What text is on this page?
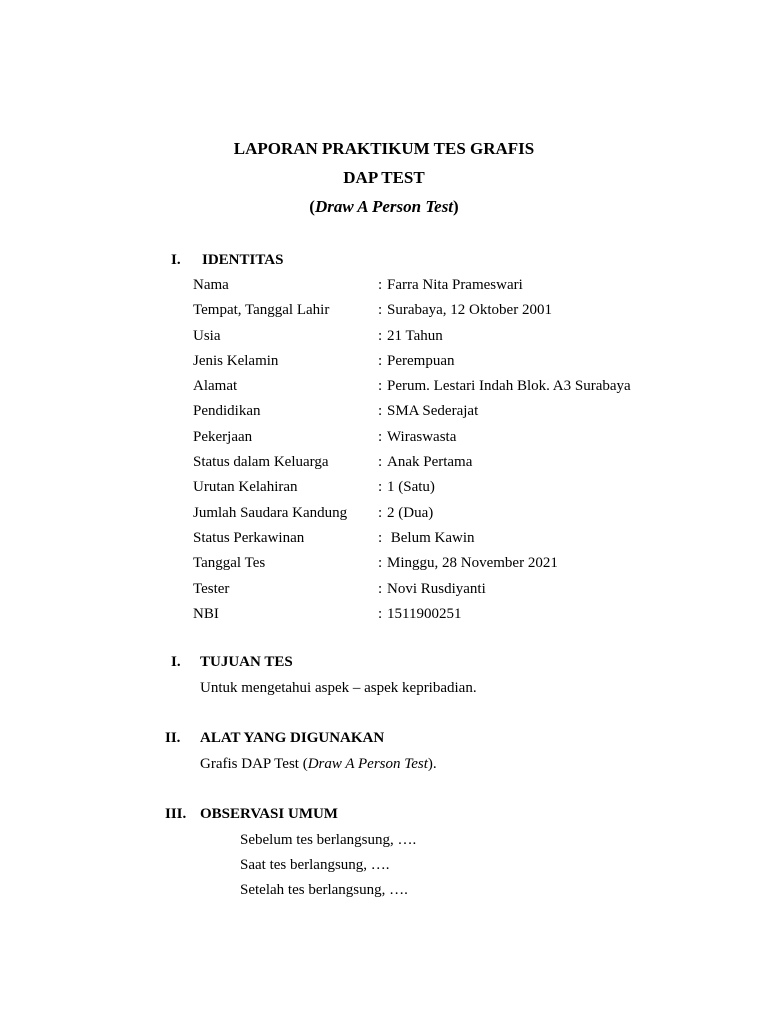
LAPORAN PRAKTIKUM TES GRAFIS
DAP TEST
(Draw A Person Test)
I. IDENTITAS
Nama	: Farra Nita Prameswari
Tempat, Tanggal Lahir	: Surabaya, 12 Oktober 2001
Usia	: 21 Tahun
Jenis Kelamin	: Perempuan
Alamat	: Perum. Lestari Indah Blok. A3 Surabaya
Pendidikan	: SMA Sederajat
Pekerjaan	: Wiraswasta
Status dalam Keluarga	: Anak Pertama
Urutan Kelahiran	: 1 (Satu)
Jumlah Saudara Kandung : 2 (Dua)
Status Perkawinan	: Belum Kawin
Tanggal Tes	: Minggu, 28 November 2021
Tester	: Novi Rusdiyanti
NBI	: 1511900251
I. TUJUAN TES
Untuk mengetahui aspek – aspek kepribadian.
II. ALAT YANG DIGUNAKAN
Grafis DAP Test (Draw A Person Test).
III. OBSERVASI UMUM
Sebelum tes berlangsung, ….
Saat tes berlangsung, ….
Setelah tes berlangsung, ….
